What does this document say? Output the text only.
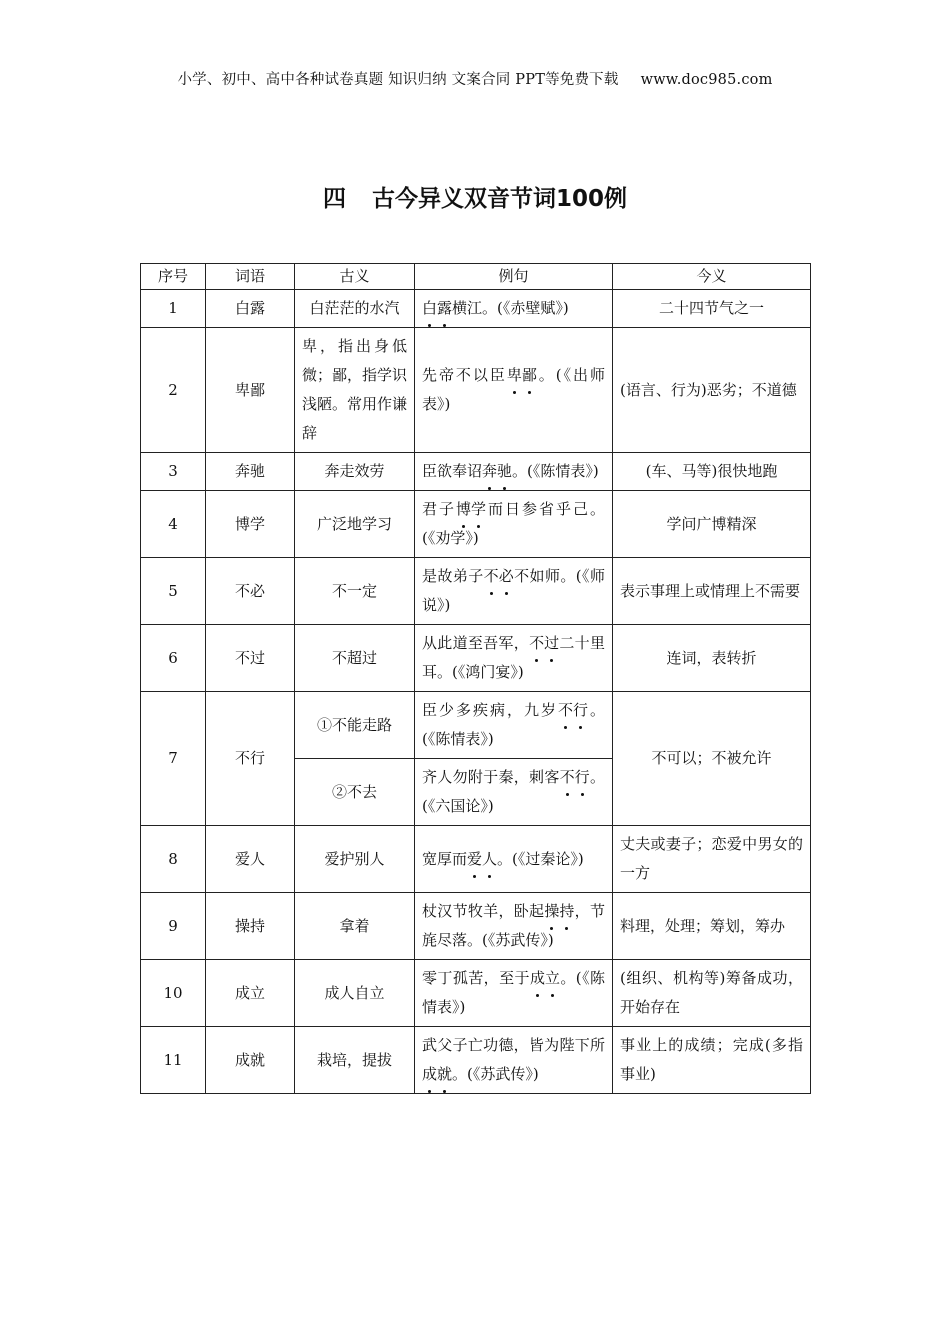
小学、初中、高中各种试卷真题 知识归纳 文案合同 PPT等免费下载 www.doc985.com
四 古今异义双音节词100例
序号	词语	古义	例句	今义
1	白露	白茫茫的水汽	白露横江。(《赤壁赋》)	二十四节气之一
2	卑鄙	卑，指出身低微；鄙，指学识浅陋。常用作谦辞	先帝不以臣卑鄙。(《出师表》)	(语言、行为)恶劣；不道德
3	奔驰	奔走效劳	臣欲奉诏奔驰。(《陈情表》)	(车、马等)很快地跑
4	博学	广泛地学习	君子博学而日参省乎己。(《劝学》)	学问广博精深
5	不必	不一定	是故弟子不必不如师。(《师说》)	表示事理上或情理上不需要
6	不过	不超过	从此道至吾军，不过二十里耳。(《鸿门宴》)	连词，表转折
7	不行	①不能走路	臣少多疾病，九岁不行。(《陈情表》)	不可以；不被允许
		②不去	齐人勿附于秦，刺客不行。(《六国论》)	
8	爱人	爱护别人	宽厚而爱人。(《过秦论》)	丈夫或妻子；恋爱中男女的一方
9	操持	拿着	杖汉节牧羊，卧起操持，节旄尽落。(《苏武传》)	料理，处理；筹划，筹办
10	成立	成人自立	零丁孤苦，至于成立。(《陈情表》)	(组织、机构等)筹备成功，开始存在
11	成就	栽培，提拔	武父子亡功德，皆为陛下所成就。(《苏武传》)	事业上的成绩；完成(多指事业)
